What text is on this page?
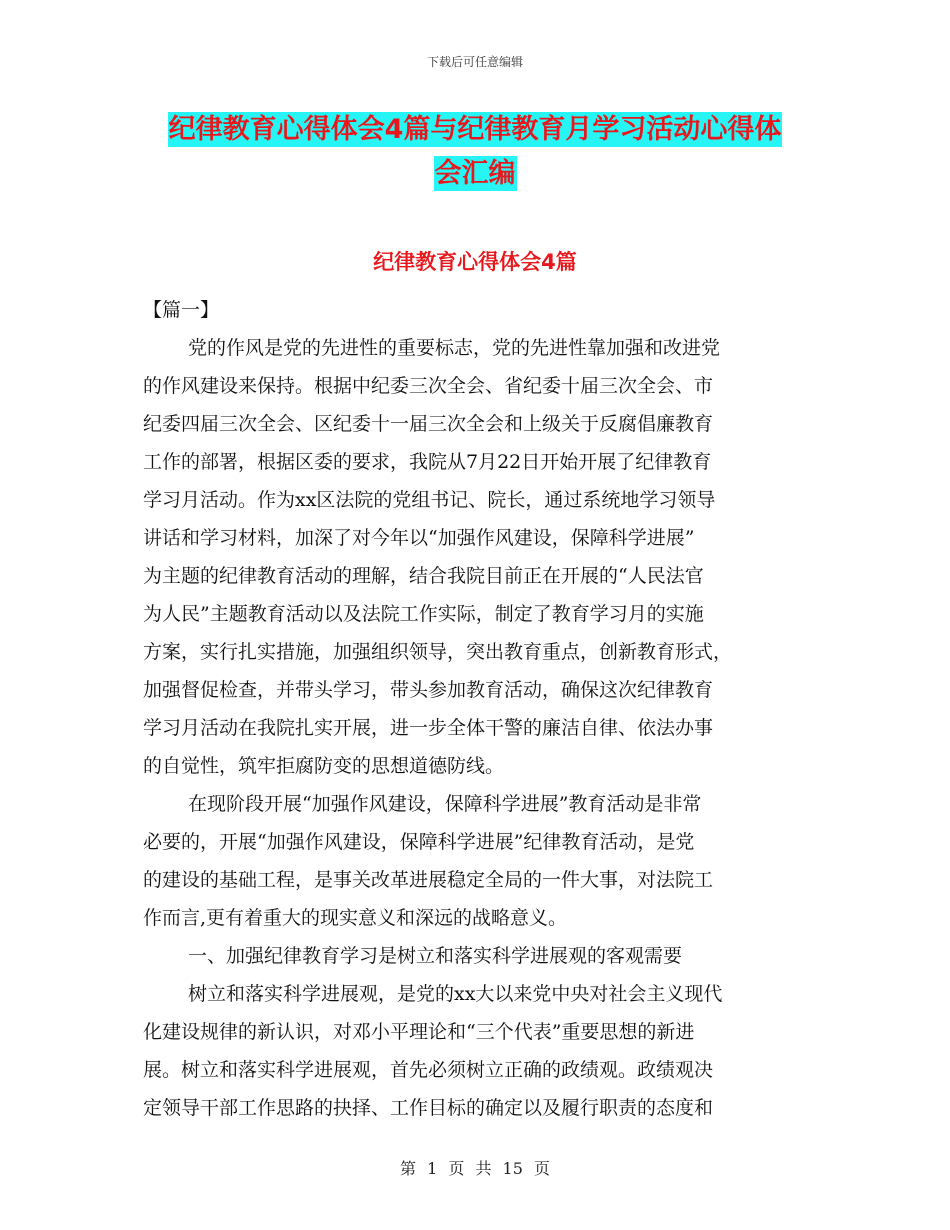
下载后可任意编辑
纪律教育心得体会4篇与纪律教育月学习活动心得体
会汇编
纪律教育心得体会4篇
【篇一】
党的作风是党的先进性的重要标志，党的先进性靠加强和改进党
的作风建设来保持。根据中纪委三次全会、省纪委十届三次全会、市
纪委四届三次全会、区纪委十一届三次全会和上级关于反腐倡廉教育
工作的部署，根据区委的要求，我院从7月22日开始开展了纪律教育
学习月活动。作为xx区法院的党组书记、院长，通过系统地学习领导
讲话和学习材料，加深了对今年以“加强作风建设，保障科学进展”
为主题的纪律教育活动的理解，结合我院目前正在开展的“人民法官
为人民”主题教育活动以及法院工作实际，制定了教育学习月的实施
方案，实行扎实措施，加强组织领导，突出教育重点，创新教育形式，
加强督促检查，并带头学习，带头参加教育活动，确保这次纪律教育
学习月活动在我院扎实开展，进一步全体干警的廉洁自律、依法办事
的自觉性，筑牢拒腐防变的思想道德防线。
在现阶段开展“加强作风建设，保障科学进展”教育活动是非常
必要的，开展“加强作风建设，保障科学进展”纪律教育活动，是党
的建设的基础工程，是事关改革进展稳定全局的一件大事，对法院工
作而言,更有着重大的现实意义和深远的战略意义。
一、加强纪律教育学习是树立和落实科学进展观的客观需要
树立和落实科学进展观，是党的xx大以来党中央对社会主义现代
化建设规律的新认识，对邓小平理论和“三个代表”重要思想的新进
展。树立和落实科学进展观，首先必须树立正确的政绩观。政绩观决
定领导干部工作思路的抉择、工作目标的确定以及履行职责的态度和
第 1 页 共 15 页
